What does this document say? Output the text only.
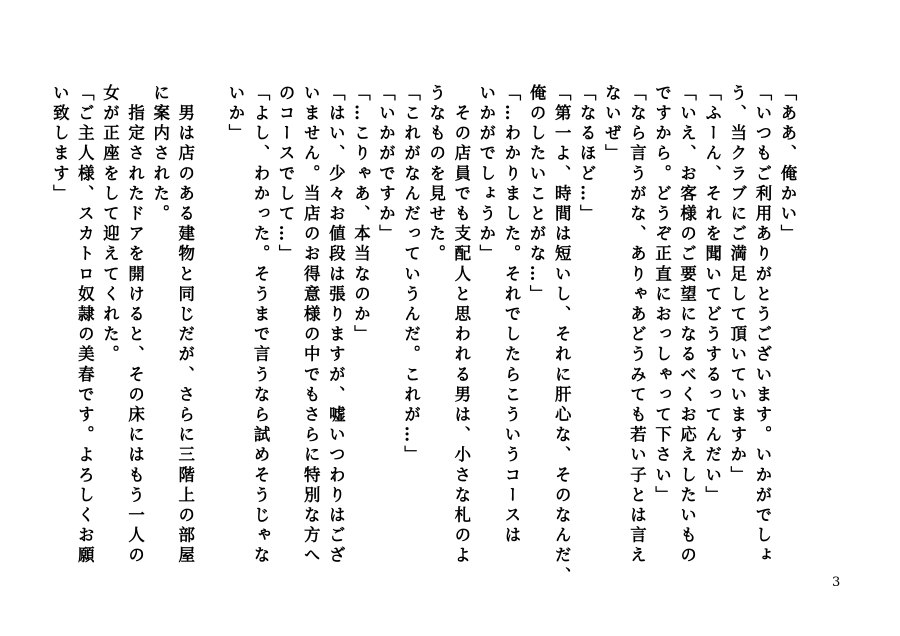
「ああ、俺かい」
「いつもご利用ありがとうございます。いかがでしょ
う、当クラブにご満足して頂いていますか」
「ふーん、それを聞いてどうするってんだい」
「いえ、お客様のご要望になるべくお応えしたいもの
ですから。どうぞ正直におっしゃって下さい」
「なら言うがな、ありゃあどうみても若い子とは言え
ないぜ」
「なるほど…」
「第一よ、時間は短いし、それに肝心な、そのなんだ、
俺のしたいことがな…」
「…わかりました。それでしたらこういうコースは
いかがでしょうか」
　その店員でも支配人と思われる男は、小さな札のよ
うなものを見せた。
「これがなんだっていうんだ。これが…」
「いかがですか」
「…こりゃあ、本当なのか」
「はい、少々お値段は張りますが、嘘いつわりはござ
いません。当店のお得意様の中でもさらに特別な方へ
のコースでして…」
「よし、わかった。そうまで言うなら試めそうじゃな
いか」

　男は店のある建物と同じだが、さらに三階上の部屋
に案内された。
　指定されたドアを開けると、その床にはもう一人の
女が正座をして迎えてくれた。
「ご主人様、スカトロ奴隷の美春です。よろしくお願
い致します」
3
